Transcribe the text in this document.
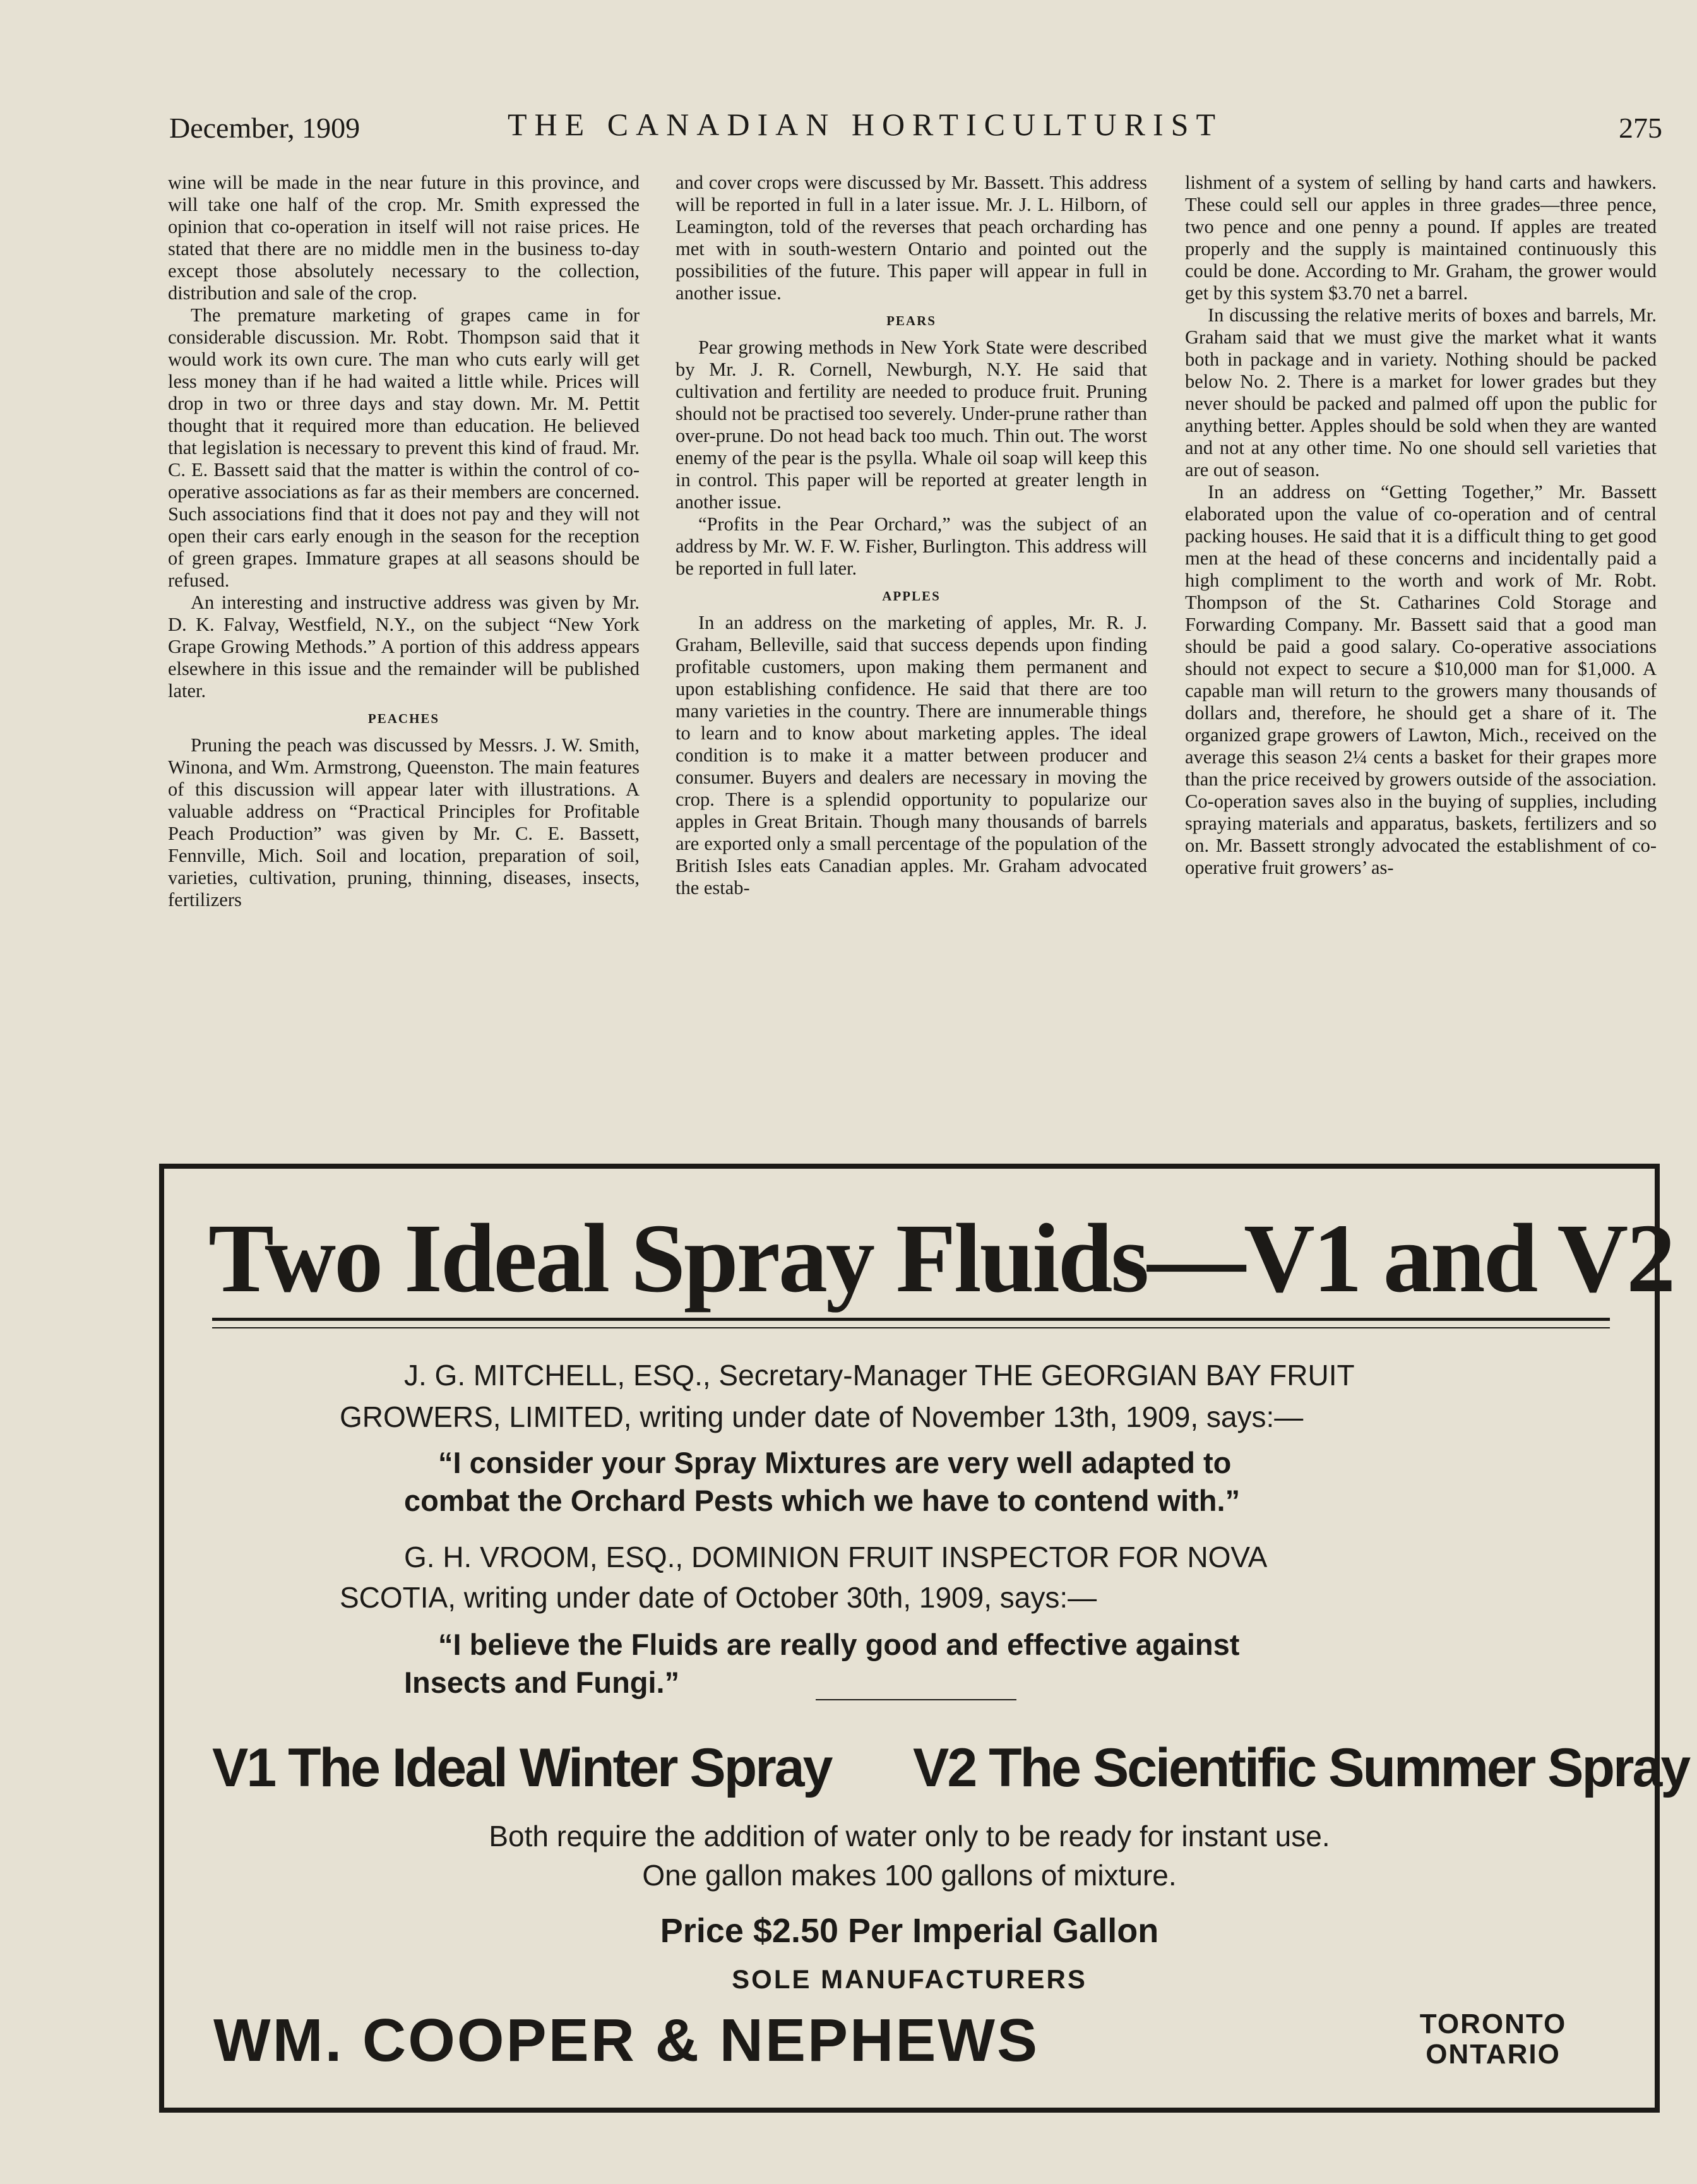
December, 1909	THE CANADIAN HORTICULTURIST	275

wine will be made in the near future in this province, and will take one half of the crop. Mr. Smith expressed the opinion that co-operation in itself will not raise prices. He stated that there are no middle men in the business to-day except those absolutely necessary to the collection, distribution and sale of the crop.

The premature marketing of grapes came in for considerable discussion. Mr. Robt. Thompson said that it would work its own cure. The man who cuts early will get less money than if he had waited a little while. Prices will drop in two or three days and stay down. Mr. M. Pettit thought that it required more than education. He believed that legislation is necessary to prevent this kind of fraud. Mr. C. E. Bassett said that the matter is within the control of co-operative associations as far as their members are concerned. Such associations find that it does not pay and they will not open their cars early enough in the season for the reception of green grapes. Immature grapes at all seasons should be refused.

An interesting and instructive address was given by Mr. D. K. Falvay, Westfield, N.Y., on the subject “New York Grape Growing Methods.” A portion of this address appears elsewhere in this issue and the remainder will be published later.

PEACHES

Pruning the peach was discussed by Messrs. J. W. Smith, Winona, and Wm. Armstrong, Queenston. The main features of this discussion will appear later with illustrations. A valuable address on “Practical Principles for Profitable Peach Production” was given by Mr. C. E. Bassett, Fennville, Mich. Soil and location, preparation of soil, varieties, cultivation, pruning, thinning, diseases, insects, fertilizers

and cover crops were discussed by Mr. Bassett. This address will be reported in full in a later issue. Mr. J. L. Hilborn, of Leamington, told of the reverses that peach orcharding has met with in south-western Ontario and pointed out the possibilities of the future. This paper will appear in full in another issue.

PEARS

Pear growing methods in New York State were described by Mr. J. R. Cornell, Newburgh, N.Y. He said that cultivation and fertility are needed to produce fruit. Pruning should not be practised too severely. Under-prune rather than over-prune. Do not head back too much. Thin out. The worst enemy of the pear is the psylla. Whale oil soap will keep this in control. This paper will be reported at greater length in another issue.

“Profits in the Pear Orchard,” was the subject of an address by Mr. W. F. W. Fisher, Burlington. This address will be reported in full later.

APPLES

In an address on the marketing of apples, Mr. R. J. Graham, Belleville, said that success depends upon finding profitable customers, upon making them permanent and upon establishing confidence. He said that there are too many varieties in the country. There are innumerable things to learn and to know about marketing apples. The ideal condition is to make it a matter between producer and consumer. Buyers and dealers are necessary in moving the crop. There is a splendid opportunity to popularize our apples in Great Britain. Though many thousands of barrels are exported only a small percentage of the population of the British Isles eats Canadian apples. Mr. Graham advocated the estab-

lishment of a system of selling by hand carts and hawkers. These could sell our apples in three grades—three pence, two pence and one penny a pound. If apples are treated properly and the supply is maintained continuously this could be done. According to Mr. Graham, the grower would get by this system $3.70 net a barrel.

In discussing the relative merits of boxes and barrels, Mr. Graham said that we must give the market what it wants both in package and in variety. Nothing should be packed below No. 2. There is a market for lower grades but they never should be packed and palmed off upon the public for anything better. Apples should be sold when they are wanted and not at any other time. No one should sell varieties that are out of season.

In an address on “Getting Together,” Mr. Bassett elaborated upon the value of co-operation and of central packing houses. He said that it is a difficult thing to get good men at the head of these concerns and incidentally paid a high compliment to the worth and work of Mr. Robt. Thompson of the St. Catharines Cold Storage and Forwarding Company. Mr. Bassett said that a good man should be paid a good salary. Co-operative associations should not expect to secure a $10,000 man for $1,000. A capable man will return to the growers many thousands of dollars and, therefore, he should get a share of it. The organized grape growers of Lawton, Mich., received on the average this season 2¼ cents a basket for their grapes more than the price received by growers outside of the association. Co-operation saves also in the buying of supplies, including spraying materials and apparatus, baskets, fertilizers and so on. Mr. Bassett strongly advocated the establishment of co-operative fruit growers’ as-

Two Ideal Spray Fluids—V1 and V2
J. G. MITCHELL, ESQ., Secretary-Manager THE GEORGIAN BAY FRUIT
GROWERS, LIMITED, writing under date of November 13th, 1909, says:—
“I consider your Spray Mixtures are very well adapted to
combat the Orchard Pests which we have to contend with.”
G. H. VROOM, ESQ., DOMINION FRUIT INSPECTOR FOR NOVA
SCOTIA, writing under date of October 30th, 1909, says:—
“I believe the Fluids are really good and effective against
Insects and Fungi.”
V1 The Ideal Winter Spray V2 The Scientific Summer Spray
Both require the addition of water only to be ready for instant use.
One gallon makes 100 gallons of mixture.
Price $2.50 Per Imperial Gallon
SOLE MANUFACTURERS
WM. COOPER & NEPHEWS	TORONTO
ONTARIO
